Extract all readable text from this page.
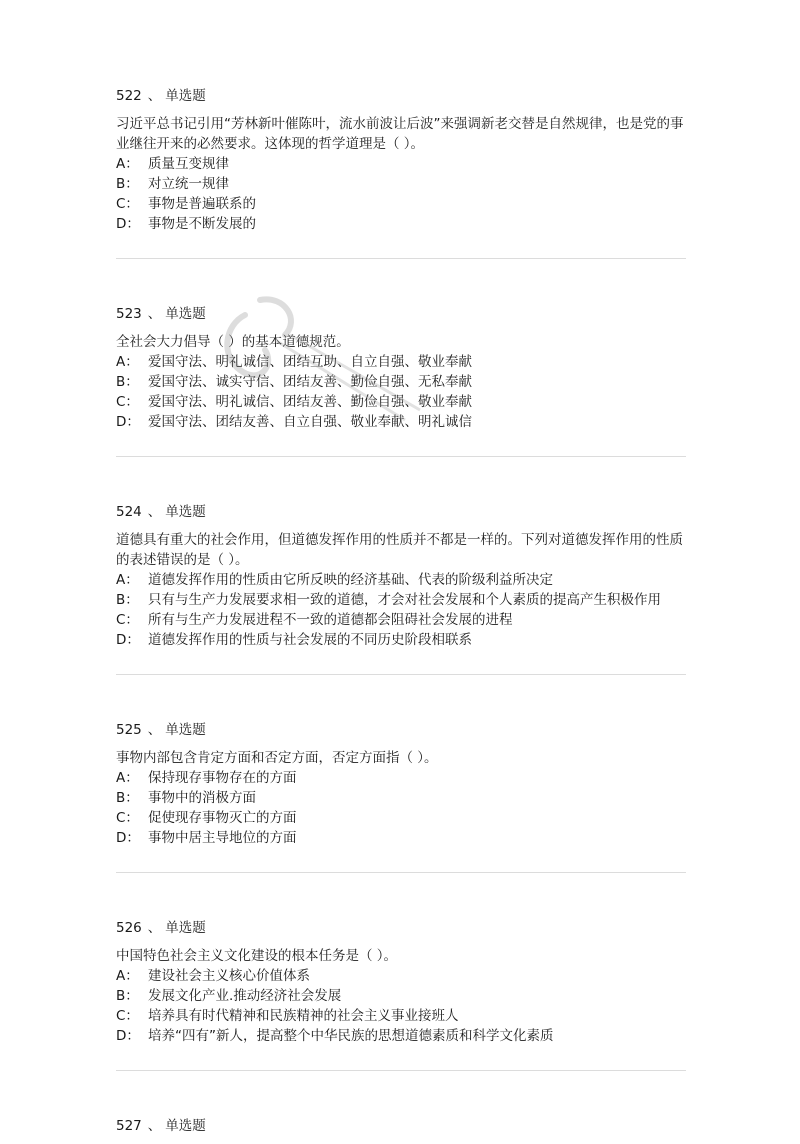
522 、 单选题

习近平总书记引用“芳林新叶催陈叶，流水前波让后波”来强调新老交替是自然规律，也是党的事业继往开来的必然要求。这体现的哲学道理是（ ）。

A： 质量互变规律
B： 对立统一规律
C： 事物是普遍联系的
D： 事物是不断发展的
523 、 单选题

全社会大力倡导（ ）的基本道德规范。

A： 爱国守法、明礼诚信、团结互助、自立自强、敬业奉献
B： 爱国守法、诚实守信、团结友善、勤俭自强、无私奉献
C： 爱国守法、明礼诚信、团结友善、勤俭自强、敬业奉献
D： 爱国守法、团结友善、自立自强、敬业奉献、明礼诚信
524 、 单选题

道德具有重大的社会作用，但道德发挥作用的性质并不都是一样的。下列对道德发挥作用的性质的表述错误的是（ ）。

A： 道德发挥作用的性质由它所反映的经济基础、代表的阶级利益所决定
B： 只有与生产力发展要求相一致的道德，才会对社会发展和个人素质的提高产生积极作用
C： 所有与生产力发展进程不一致的道德都会阻碍社会发展的进程
D： 道德发挥作用的性质与社会发展的不同历史阶段相联系
525 、 单选题

事物内部包含肯定方面和否定方面，否定方面指（ ）。

A： 保持现存事物存在的方面
B： 事物中的消极方面
C： 促使现存事物灭亡的方面
D： 事物中居主导地位的方面
526 、 单选题

中国特色社会主义文化建设的根本任务是（ ）。

A： 建设社会主义核心价值体系
B： 发展文化产业.推动经济社会发展
C： 培养具有时代精神和民族精神的社会主义事业接班人
D： 培养“四有”新人，提高整个中华民族的思想道德素质和科学文化素质
527 、 单选题
